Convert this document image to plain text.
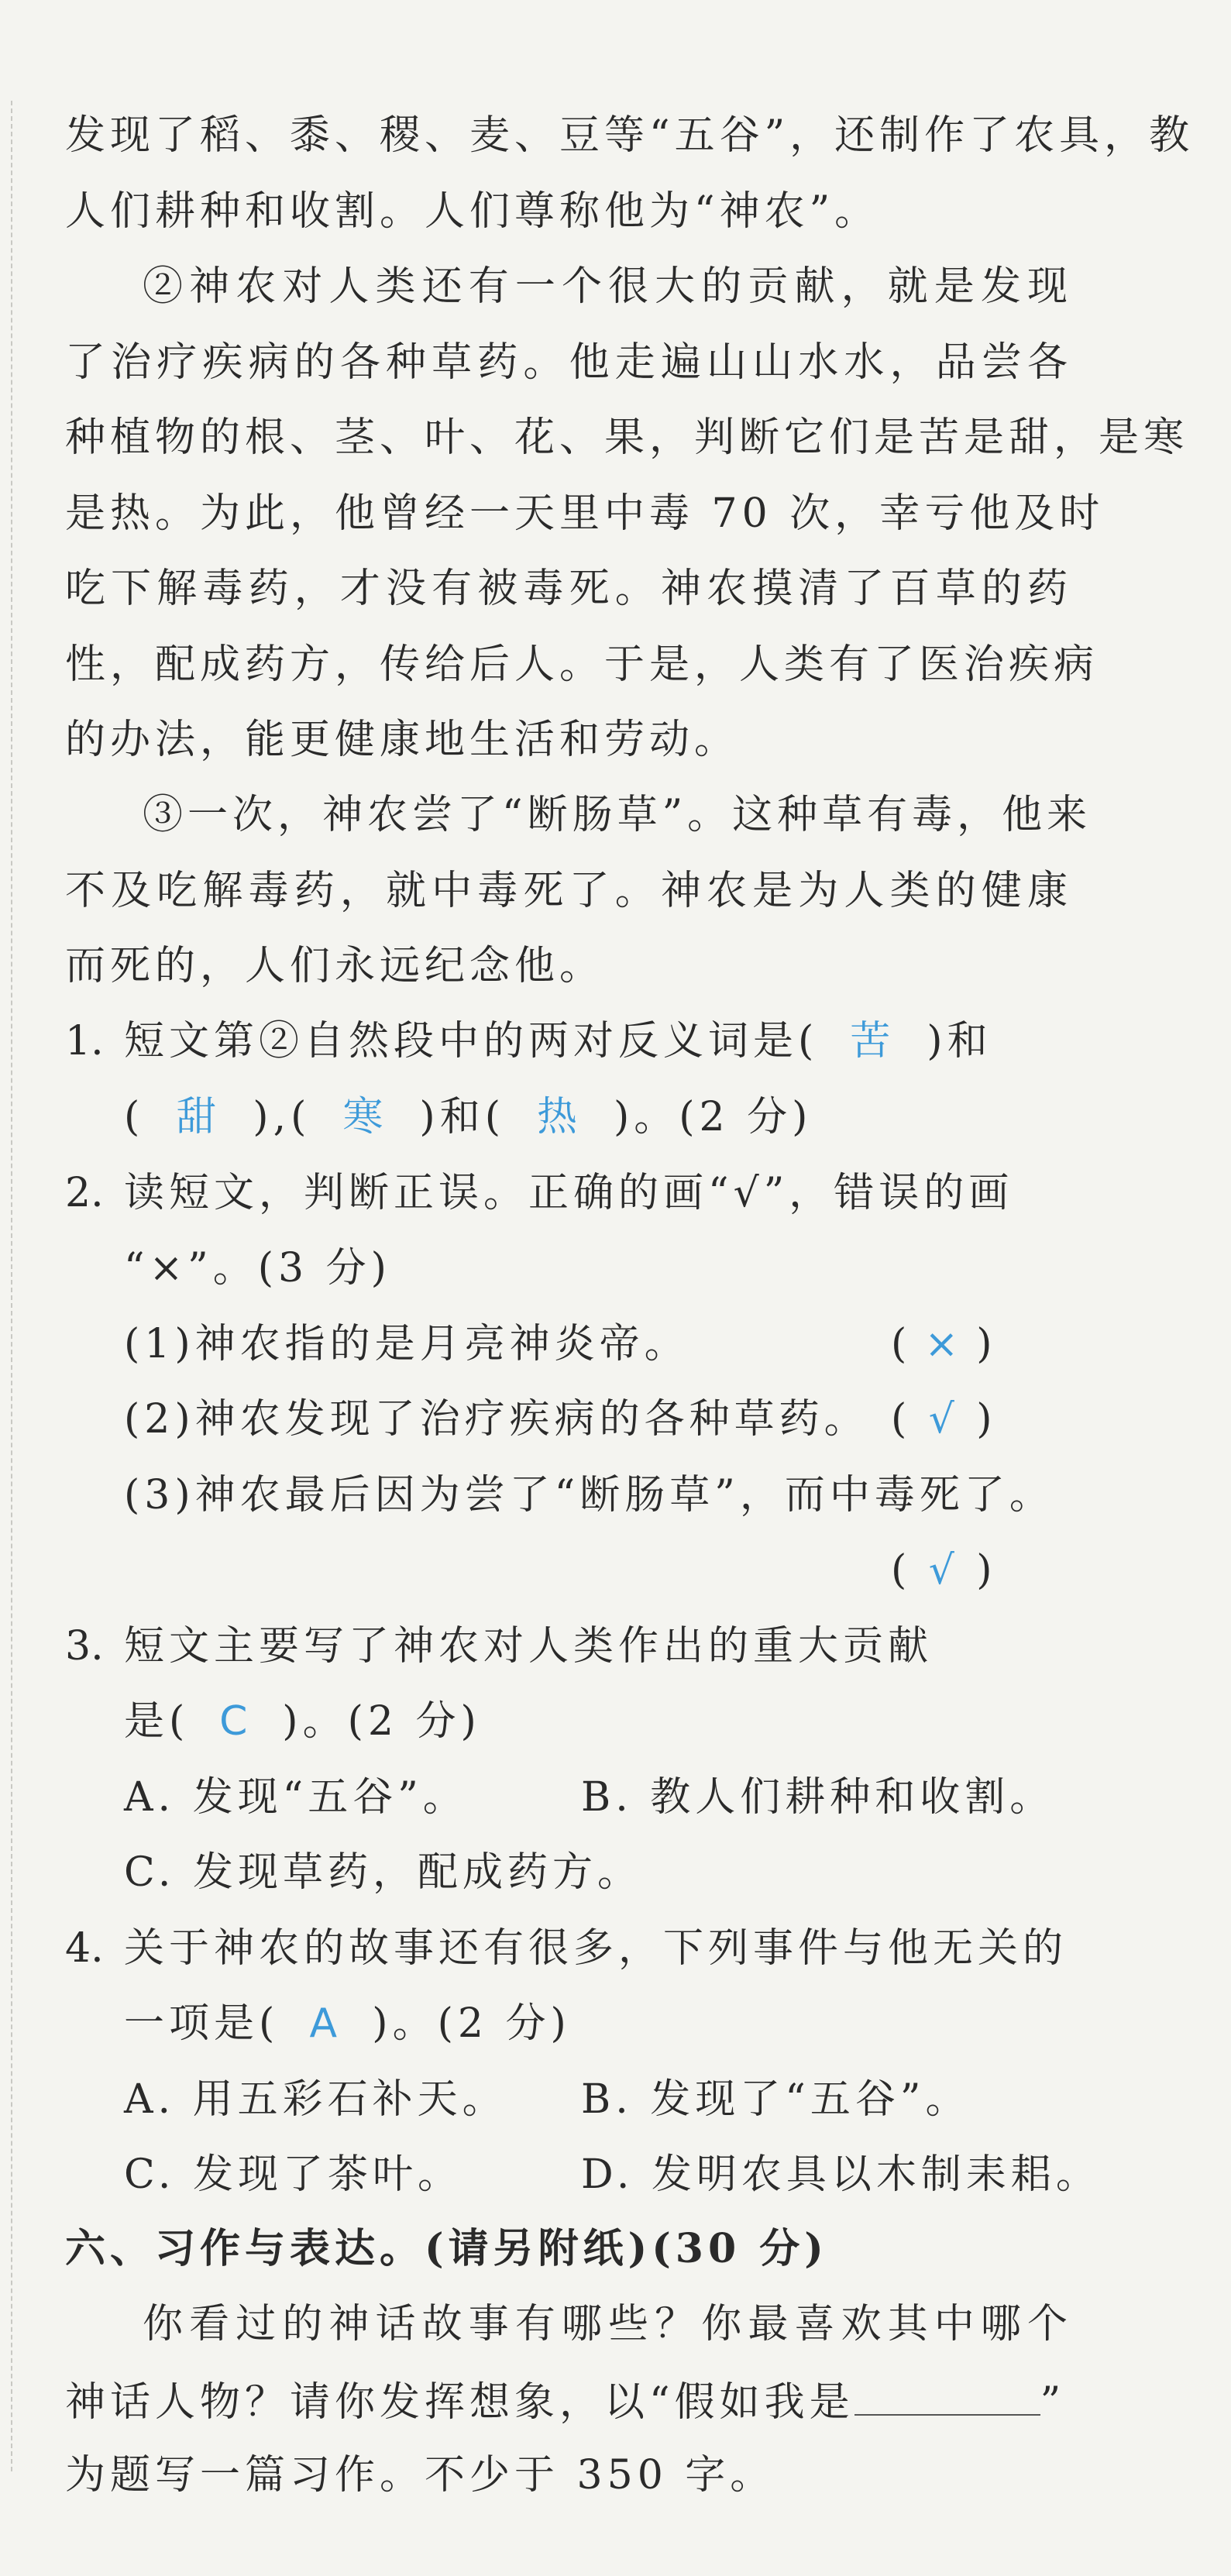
发现了稻、黍、稷、麦、豆等“五谷”，还制作了农具，教
人们耕种和收割。人们尊称他为“神农”。
②神农对人类还有一个很大的贡献，就是发现
了治疗疾病的各种草药。他走遍山山水水，品尝各
种植物的根、茎、叶、花、果，判断它们是苦是甜，是寒
是热。为此，他曾经一天里中毒 70 次，幸亏他及时
吃下解毒药，才没有被毒死。神农摸清了百草的药
性，配成药方，传给后人。于是，人类有了医治疾病
的办法，能更健康地生活和劳动。
③一次，神农尝了“断肠草”。这种草有毒，他来
不及吃解毒药，就中毒死了。神农是为人类的健康
而死的，人们永远纪念他。
1. 短文第②自然段中的两对反义词是( 苦 )和
( 甜 ),( 寒 )和( 热 )。(2 分)
2. 读短文，判断正误。正确的画“√”，错误的画
“×”。(3 分)
(1)神农指的是月亮神炎帝。	( × )
(2)神农发现了治疗疾病的各种草药。 ( √ )
(3)神农最后因为尝了“断肠草”，而中毒死了。
( √ )
3. 短文主要写了神农对人类作出的重大贡献
是( C )。(2 分)
A. 发现“五谷”。	B. 教人们耕种和收割。
C. 发现草药，配成药方。
4. 关于神农的故事还有很多，下列事件与他无关的
一项是( A )。(2 分)
A. 用五彩石补天。 B. 发现了“五谷”。
C. 发现了茶叶。	D. 发明农具以木制耒耜。
六、习作与表达。(请另附纸)(30 分)
你看过的神话故事有哪些？你最喜欢其中哪个
神话人物？请你发挥想象，以“假如我是	”
为题写一篇习作。不少于 350 字。
